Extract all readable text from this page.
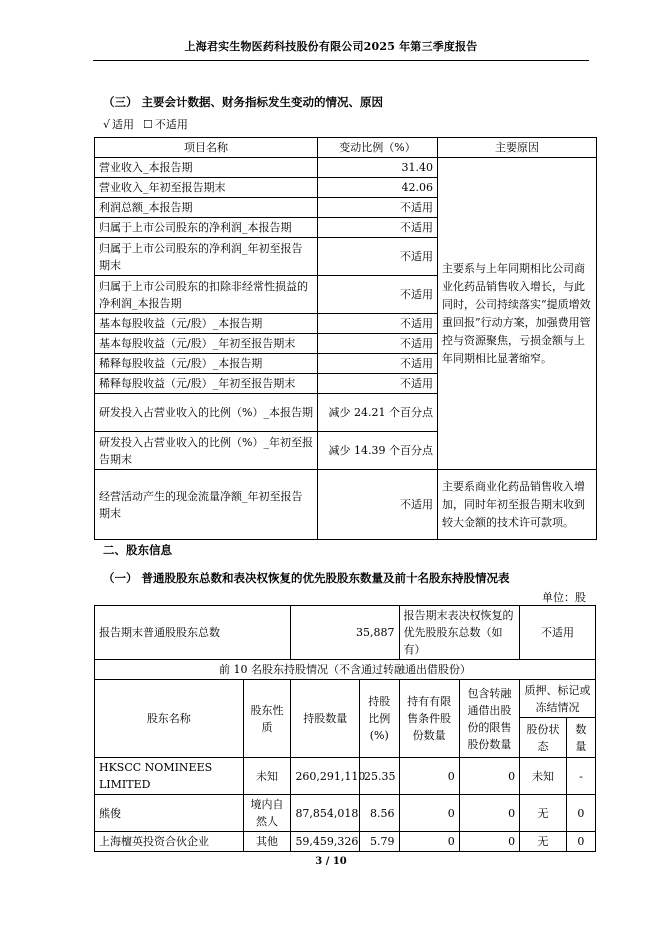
上海君实生物医药科技股份有限公司2025 年第三季度报告
（三） 主要会计数据、财务指标发生变动的情况、原因
√ 适用 ☐ 不适用
项目名称	变动比例（%）	主要原因
营业收入_本报告期	31.40	主要系与上年同期相比公司商业化药品销售收入增长，与此同时，公司持续落实“提质增效重回报”行动方案，加强费用管控与资源聚焦，亏损金额与上年同期相比显著缩窄。
营业收入_年初至报告期末	42.06	
利润总额_本报告期	不适用	
归属于上市公司股东的净利润_本报告期	不适用	
归属于上市公司股东的净利润_年初至报告期末	不适用	
归属于上市公司股东的扣除非经常性损益的净利润_本报告期	不适用	
基本每股收益（元/股）_本报告期	不适用	
基本每股收益（元/股）_年初至报告期末	不适用	
稀释每股收益（元/股）_本报告期	不适用	
稀释每股收益（元/股）_年初至报告期末	不适用	
研发投入占营业收入的比例（%）_本报告期	减少 24.21 个百分点	
研发投入占营业收入的比例（%）_年初至报告期末	减少 14.39 个百分点	
经营活动产生的现金流量净额_年初至报告期末	不适用	主要系商业化药品销售收入增加，同时年初至报告期末收到较大金额的技术许可款项。
二、股东信息
（一） 普通股股东总数和表决权恢复的优先股股东数量及前十名股东持股情况表
单位：股
报告期末普通股股东总数		35,887		报告期末表决权恢复的优先股股东总数（如有）		不适用	
前 10 名股东持股情况（不含通过转融通出借股份）							
股东名称	股东性质	持股数量	持股比例(%)	持有有限售条件股份数量	包含转融通借出股份的限售股份数量	质押、标记或冻结情况	
						股份状态	数量
HKSCC NOMINEES LIMITED	未知	260,291,110	25.35	0	0	未知	-
熊俊	境内自然人	87,854,018	8.56	0	0	无	0
上海檀英投资合伙企业	其他	59,459,326	5.79	0	0	无	0
3 / 10
